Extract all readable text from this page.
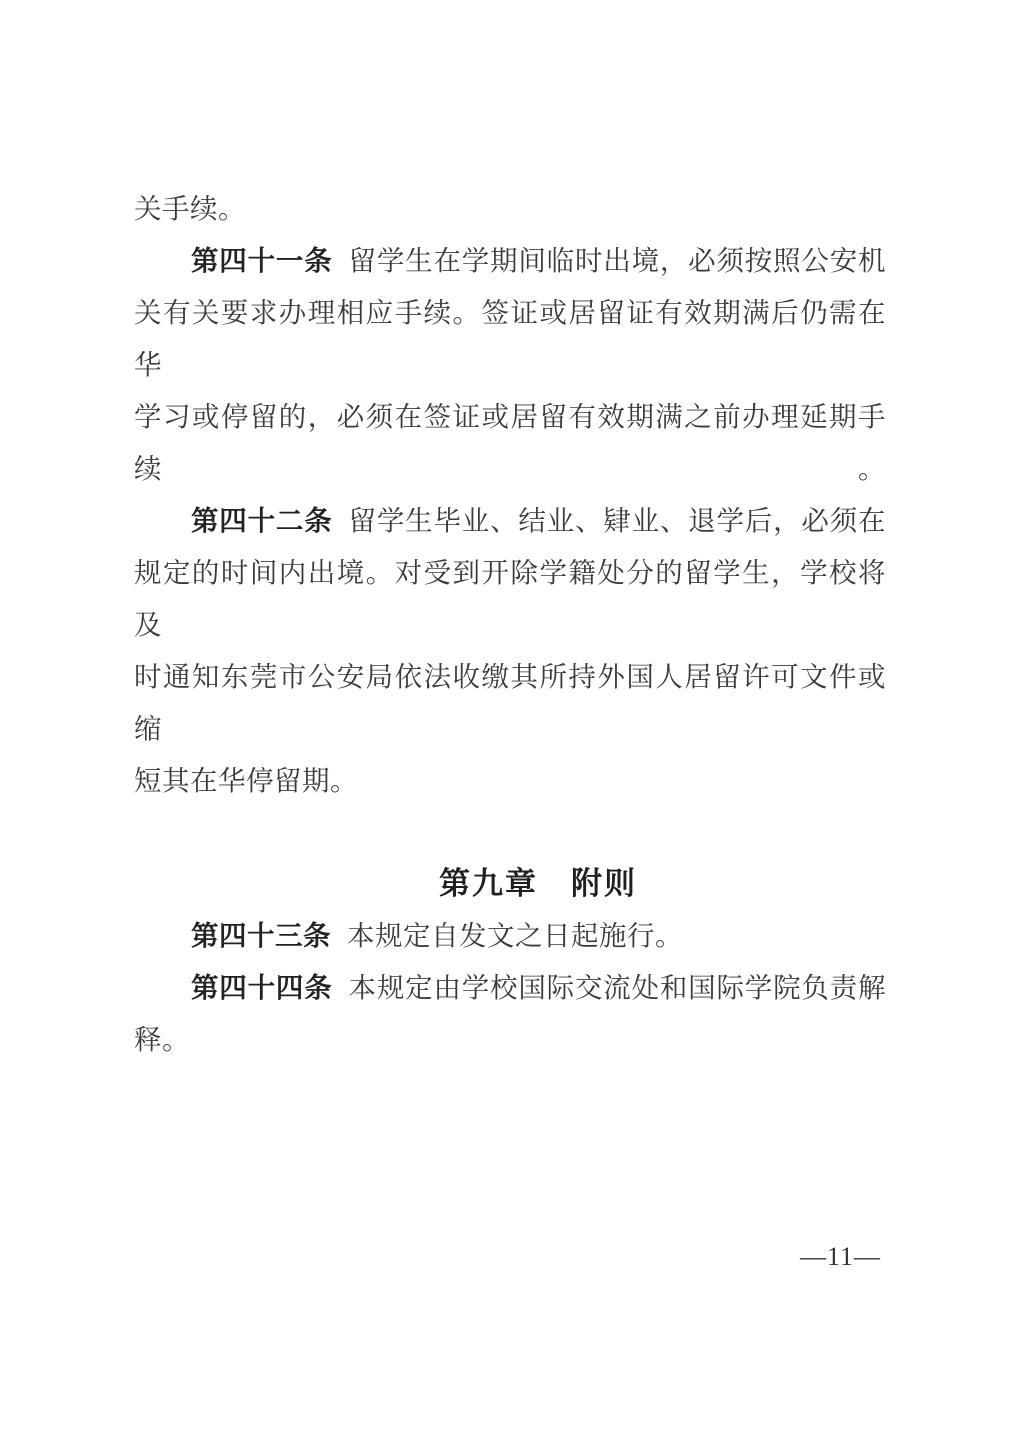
关手续。
第四十一条 留学生在学期间临时出境，必须按照公安机
关有关要求办理相应手续。签证或居留证有效期满后仍需在华
学习或停留的，必须在签证或居留有效期满之前办理延期手续。
第四十二条 留学生毕业、结业、肄业、退学后，必须在
规定的时间内出境。对受到开除学籍处分的留学生，学校将及
时通知东莞市公安局依法收缴其所持外国人居留许可文件或缩
短其在华停留期。
第九章　附则
第四十三条 本规定自发文之日起施行。
第四十四条 本规定由学校国际交流处和国际学院负责解
释。
—11—
